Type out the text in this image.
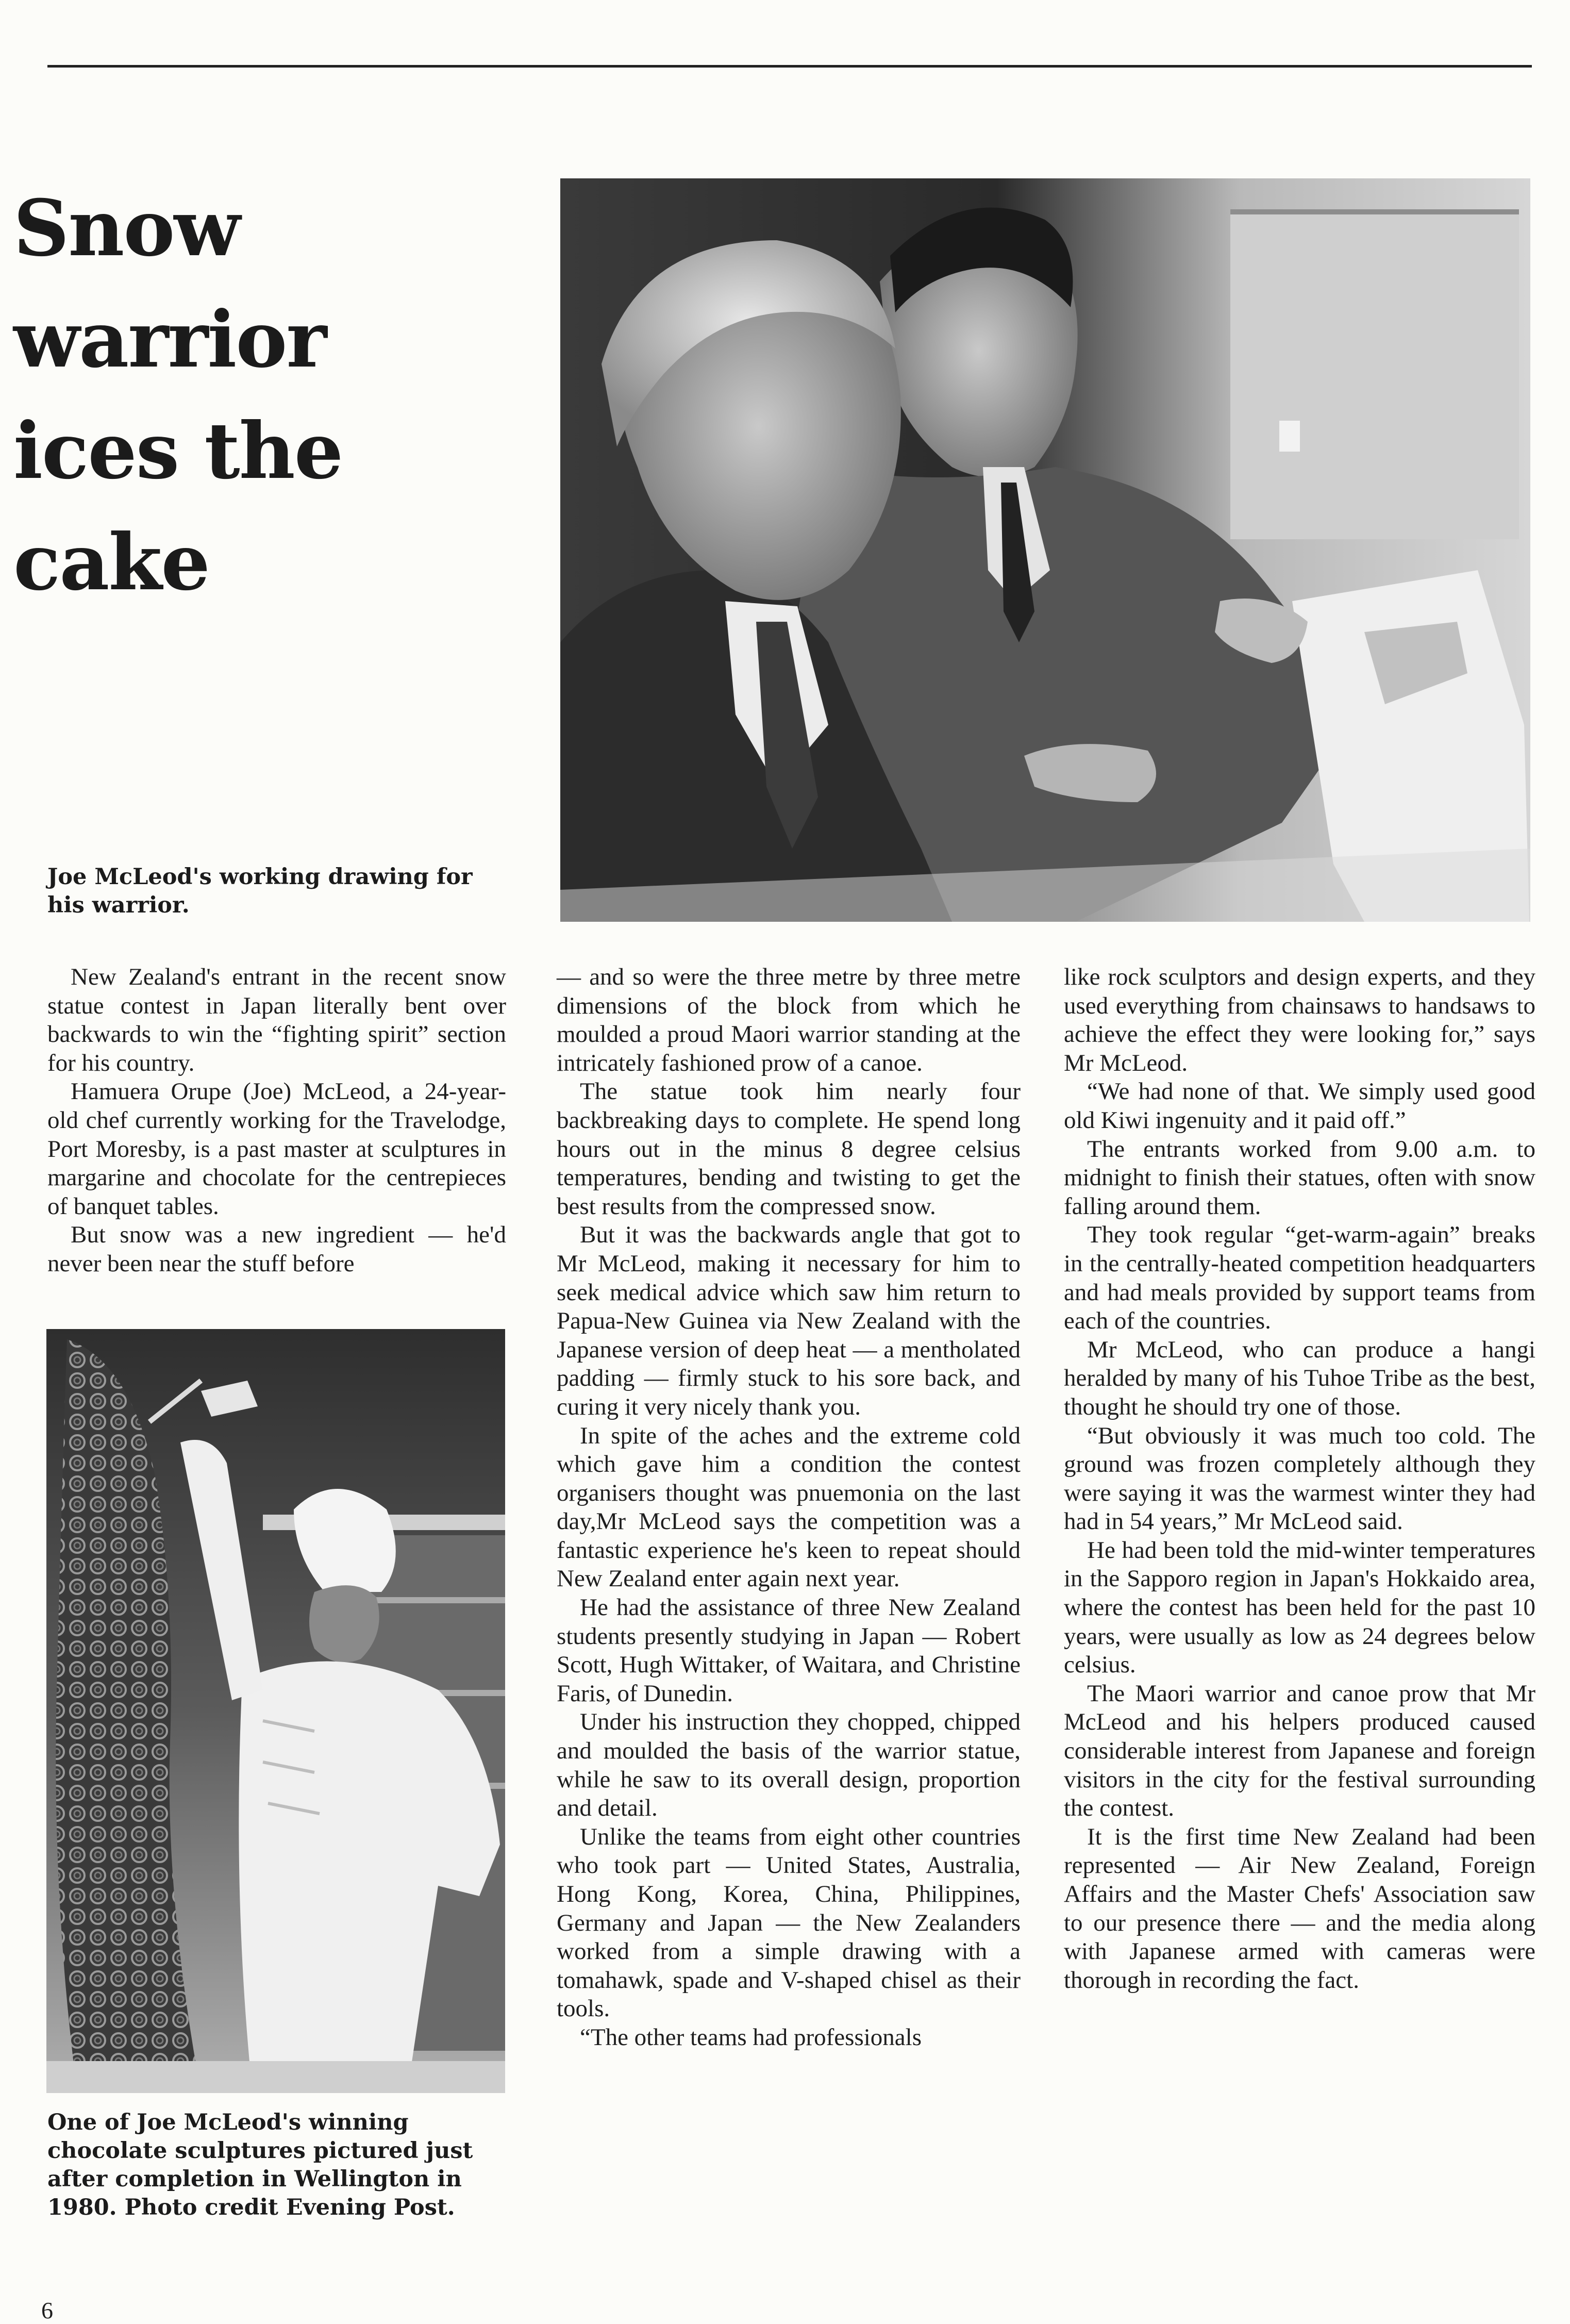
Snow warrior
ices the cake

Joe McLeod's working drawing for his warrior.

One of Joe McLeod's winning chocolate sculptures pictured just after completion in Wellington in 1980. Photo credit Evening Post.

New Zealand's entrant in the recent snow statue contest in Japan literally bent over backwards to win the “fighting spirit” section for his country.

Hamuera Orupe (Joe) McLeod, a 24-year-old chef currently working for the Travelodge, Port Moresby, is a past master at sculptures in margarine and chocolate for the centrepieces of banquet tables.

But snow was a new ingredient — he'd never been near the stuff before

— and so were the three metre by three metre dimensions of the block from which he moulded a proud Maori warrior standing at the intricately fashioned prow of a canoe.

The statue took him nearly four backbreaking days to complete. He spend long hours out in the minus 8 degree celsius temperatures, bending and twisting to get the best results from the compressed snow.

But it was the backwards angle that got to Mr McLeod, making it necessary for him to seek medical advice which saw him return to Papua-New Guinea via New Zealand with the Japanese version of deep heat — a mentholated padding — firmly stuck to his sore back, and curing it very nicely thank you.

In spite of the aches and the extreme cold which gave him a condition the contest organisers thought was pnuemonia on the last day,Mr McLeod says the competition was a fantastic experience he's keen to repeat should New Zealand enter again next year.

He had the assistance of three New Zealand students presently studying in Japan — Robert Scott, Hugh Wittaker, of Waitara, and Christine Faris, of Dunedin.

Under his instruction they chopped, chipped and moulded the basis of the warrior statue, while he saw to its overall design, proportion and detail.

Unlike the teams from eight other countries who took part — United States, Australia, Hong Kong, Korea, China, Philippines, Germany and Japan — the New Zealanders worked from a simple drawing with a tomahawk, spade and V-shaped chisel as their tools.

“The other teams had professionals

like rock sculptors and design experts, and they used everything from chainsaws to handsaws to achieve the effect they were looking for,” says Mr McLeod.

“We had none of that. We simply used good old Kiwi ingenuity and it paid off.”

The entrants worked from 9.00 a.m. to midnight to finish their statues, often with snow falling around them.

They took regular “get-warm-again” breaks in the centrally-heated competition headquarters and had meals provided by support teams from each of the countries.

Mr McLeod, who can produce a hangi heralded by many of his Tuhoe Tribe as the best, thought he should try one of those.

“But obviously it was much too cold. The ground was frozen completely although they were saying it was the warmest winter they had had in 54 years,” Mr McLeod said.

He had been told the mid-winter temperatures in the Sapporo region in Japan's Hokkaido area, where the contest has been held for the past 10 years, were usually as low as 24 degrees below celsius.

The Maori warrior and canoe prow that Mr McLeod and his helpers produced caused considerable interest from Japanese and foreign visitors in the city for the festival surrounding the contest.

It is the first time New Zealand had been represented — Air New Zealand, Foreign Affairs and the Master Chefs' Association saw to our presence there — and the media along with Japanese armed with cameras were thorough in recording the fact.

6
